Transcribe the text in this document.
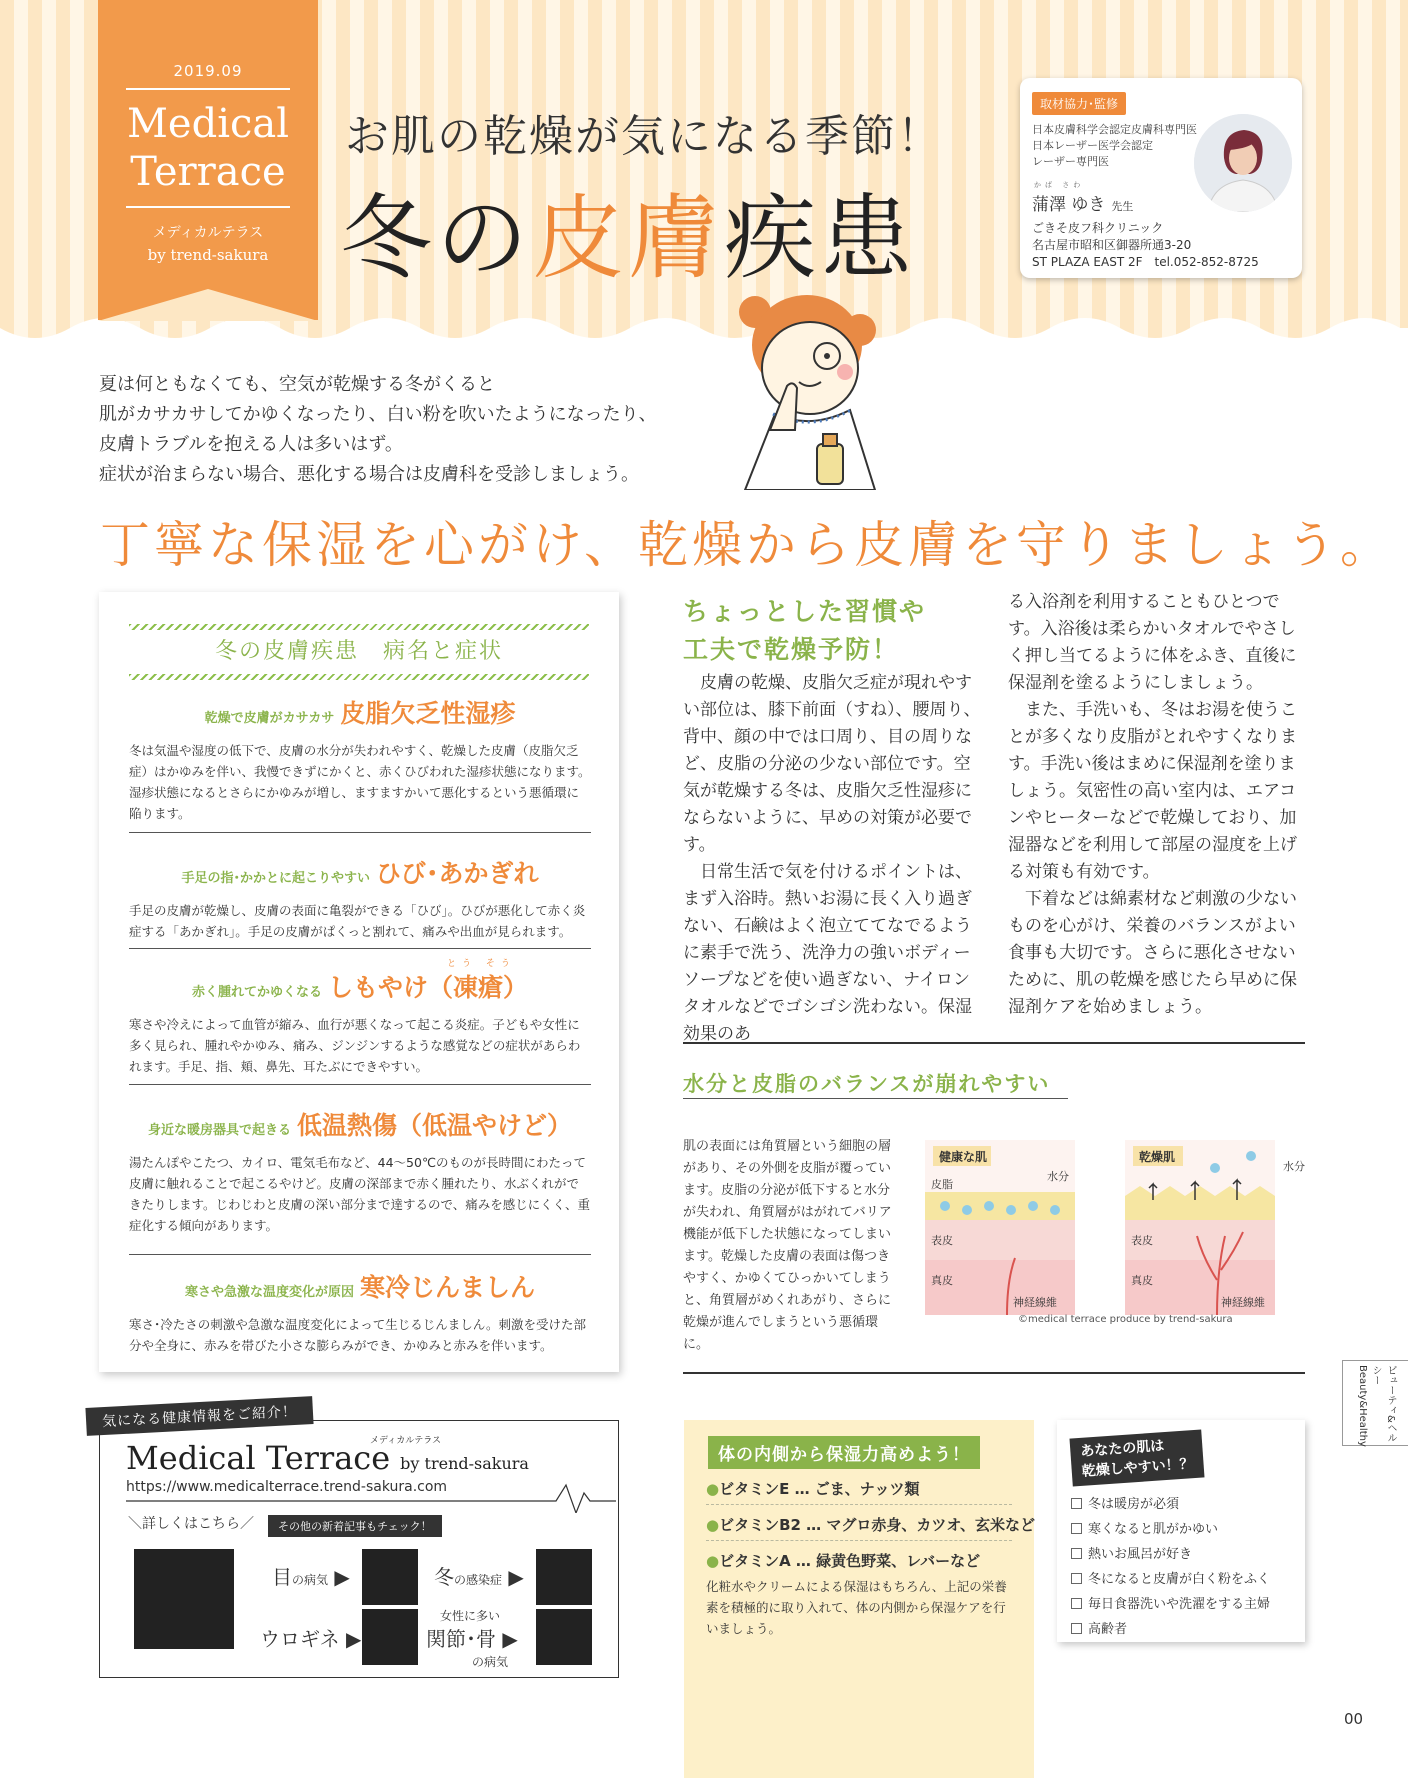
2019.09
Medical
Terrace
メディカルテラス
by trend-sakura
お肌の乾燥が気になる季節！
冬の皮膚疾患
取材協力･監修
日本皮膚科学会認定皮膚科専門医
日本レーザー医学会認定
レーザー専門医
かば さわ
蒲澤 ゆき 先生
ごきそ皮フ科クリニック
名古屋市昭和区御器所通3-20
ST PLAZA EAST 2F　tel.052-852-8725
夏は何ともなくても、空気が乾燥する冬がくると
肌がカサカサしてかゆくなったり、白い粉を吹いたようになったり、
皮膚トラブルを抱える人は多いはず。
症状が治まらない場合、悪化する場合は皮膚科を受診しましょう。
丁寧な保湿を心がけ、乾燥から皮膚を守りましょう。
冬の皮膚疾患　病名と症状
乾燥で皮膚がカサカサ 皮脂欠乏性湿疹
冬は気温や湿度の低下で、皮膚の水分が失われやすく、乾燥した皮膚（皮脂欠乏症）はかゆみを伴い、我慢できずにかくと、赤くひびわれた湿疹状態になります。湿疹状態になるとさらにかゆみが増し、ますますかいて悪化するという悪循環に陥ります。
手足の指･かかとに起こりやすい ひび･あかぎれ
手足の皮膚が乾燥し、皮膚の表面に亀裂ができる「ひび」。ひびが悪化して赤く炎症する「あかぎれ」。手足の皮膚がぱくっと割れて、痛みや出血が見られます。
とう そう
赤く腫れてかゆくなる しもやけ（凍瘡）
寒さや冷えによって血管が縮み、血行が悪くなって起こる炎症。子どもや女性に多く見られ、腫れやかゆみ、痛み、ジンジンするような感覚などの症状があらわれます。手足、指、頬、鼻先、耳たぶにできやすい。
身近な暖房器具で起きる 低温熱傷（低温やけど）
湯たんぽやこたつ、カイロ、電気毛布など、44～50℃のものが長時間にわたって皮膚に触れることで起こるやけど。皮膚の深部まで赤く腫れたり、水ぶくれができたりします。じわじわと皮膚の深い部分まで達するので、痛みを感じにくく、重症化する傾向があります。
寒さや急激な温度変化が原因 寒冷じんましん
寒さ･冷たさの刺激や急激な温度変化によって生じるじんましん。刺激を受けた部分や全身に、赤みを帯びた小さな膨らみができ、かゆみと赤みを伴います。
ちょっとした習慣や
工夫で乾燥予防！

皮膚の乾燥、皮脂欠乏症が現れやすい部位は、膝下前面（すね）、腰周り、背中、顔の中では口周り、目の周りなど、皮脂の分泌の少ない部位です。空気が乾燥する冬は、皮脂欠乏性湿疹にならないように、早めの対策が必要です。

日常生活で気を付けるポイントは、まず入浴時。熱いお湯に長く入り過ぎない、石鹸はよく泡立ててなでるように素手で洗う、洗浄力の強いボディーソープなどを使い過ぎない、ナイロンタオルなどでゴシゴシ洗わない。保湿効果のあ

る入浴剤を利用することもひとつです。入浴後は柔らかいタオルでやさしく押し当てるように体をふき、直後に保湿剤を塗るようにしましょう。

また、手洗いも、冬はお湯を使うことが多くなり皮脂がとれやすくなります。手洗い後はまめに保湿剤を塗りましょう。気密性の高い室内は、エアコンやヒーターなどで乾燥しており、加湿器などを利用して部屋の湿度を上げる対策も有効です。

下着などは綿素材など刺激の少ないものを心がけ、栄養のバランスがよい食事も大切です。さらに悪化させないために、肌の乾燥を感じたら早めに保湿剤ケアを始めましょう。

水分と皮脂のバランスが崩れやすい
肌の表面には角質層という細胞の層があり、その外側を皮脂が覆っています。皮脂の分泌が低下すると水分が失われ、角質層がはがれてバリア機能が低下した状態になってしまいます。乾燥した皮膚の表面は傷つきやすく、かゆくてひっかいてしまうと、角質層がめくれあがり、さらに乾燥が進んでしまうという悪循環に。
健康な肌
皮脂
水分
表皮
真皮
神経線維
乾燥肌
水分
表皮
真皮
神経線維
©medical terrace produce by trend-sakura
ビューティ&ヘルシー Beauty&Healthy
メディカルテラス
Medical Terrace by trend-sakura
https://www.medicalterrace.trend-sakura.com
＼詳しくはこちら／	その他の新着記事もチェック！
目の病気 ▶	冬の感染症 ▶
ウロギネ ▶
女性に多い
関節･骨 ▶
の病気
気になる健康情報をご紹介！
体の内側から保湿力高めよう！
●ビタミンE … ごま、ナッツ類
●ビタミンB2 … マグロ赤身、カツオ、玄米など
●ビタミンA … 緑黄色野菜、レバーなど
化粧水やクリームによる保湿はもちろん、上記の栄養素を積極的に取り入れて、体の内側から保湿ケアを行いましょう。
あなたの肌は
乾燥しやすい！？
冬は暖房が必須
寒くなると肌がかゆい
熱いお風呂が好き
冬になると皮膚が白く粉をふく
毎日食器洗いや洗濯をする主婦
高齢者
00
